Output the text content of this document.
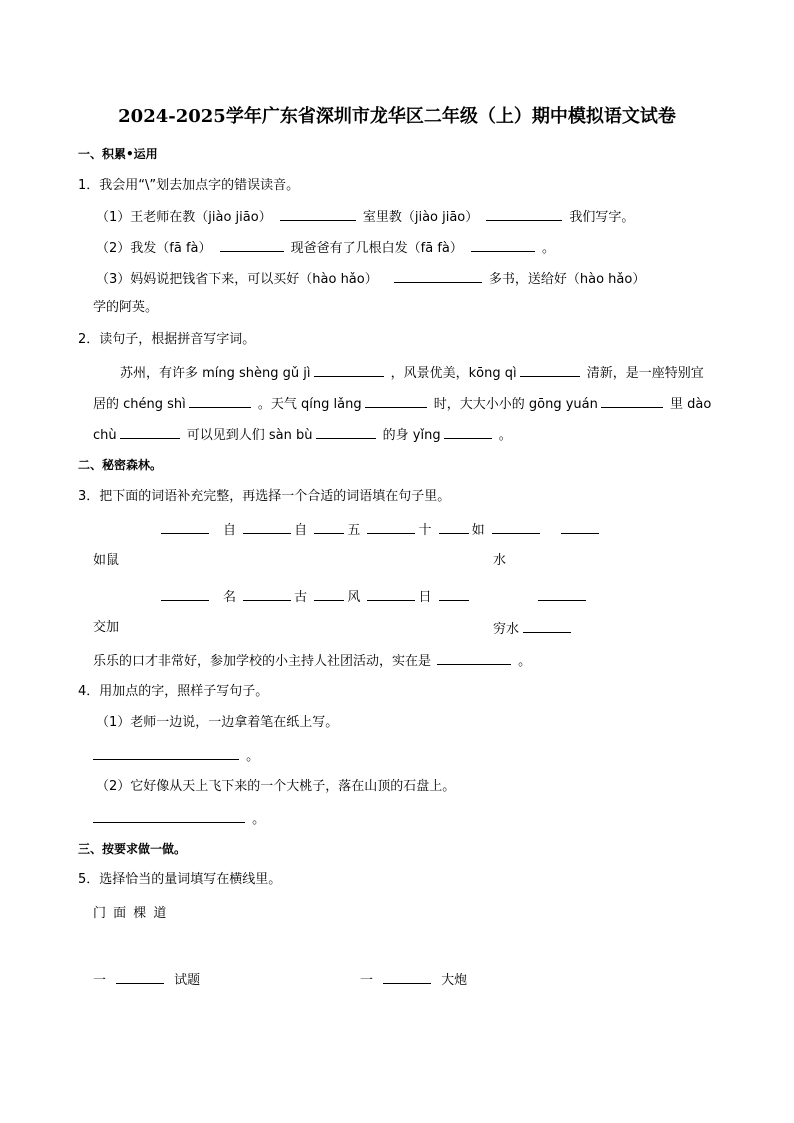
2024-2025学年广东省深圳市龙华区二年级（上）期中模拟语文试卷
一、积累•运用
1．我会用“\”划去加点字的错误读音。
（1）王老师在教（jiào jiāo）	室里教（jiào jiāo）	我们写字。
（2）我发（fā fà）	现爸爸有了几根白发（fā fà）	。
（3）妈妈说把钱省下来，可以买好（hào hǎo）	多书，送给好（hào hǎo）
学的阿英。
2．读句子，根据拼音写字词。
苏州，有许多 míng shèng gǔ jì	，风景优美，kōng qì	清新，是一座特别宜
居的 chéng shì	。天气 qíng lǎng	时，大大小小的 gōng yuán	里 dào
chù	可以见到人们 sàn bù	的身 yǐng	。
二、秘密森林。
3．把下面的词语补充完整，再选择一个合适的词语填在句子里。
自	自	五	十	如
如鼠	水
名	古	风	日
交加	穷水
乐乐的口才非常好，参加学校的小主持人社团活动，实在是	。
4．用加点的字，照样子写句子。
（1）老师一边说，一边拿着笔在纸上写。
。
（2）它好像从天上飞下来的一个大桃子，落在山顶的石盘上。
。
三、按要求做一做。
5．选择恰当的量词填写在横线里。
门 面 棵 道
一	试题	一	大炮
